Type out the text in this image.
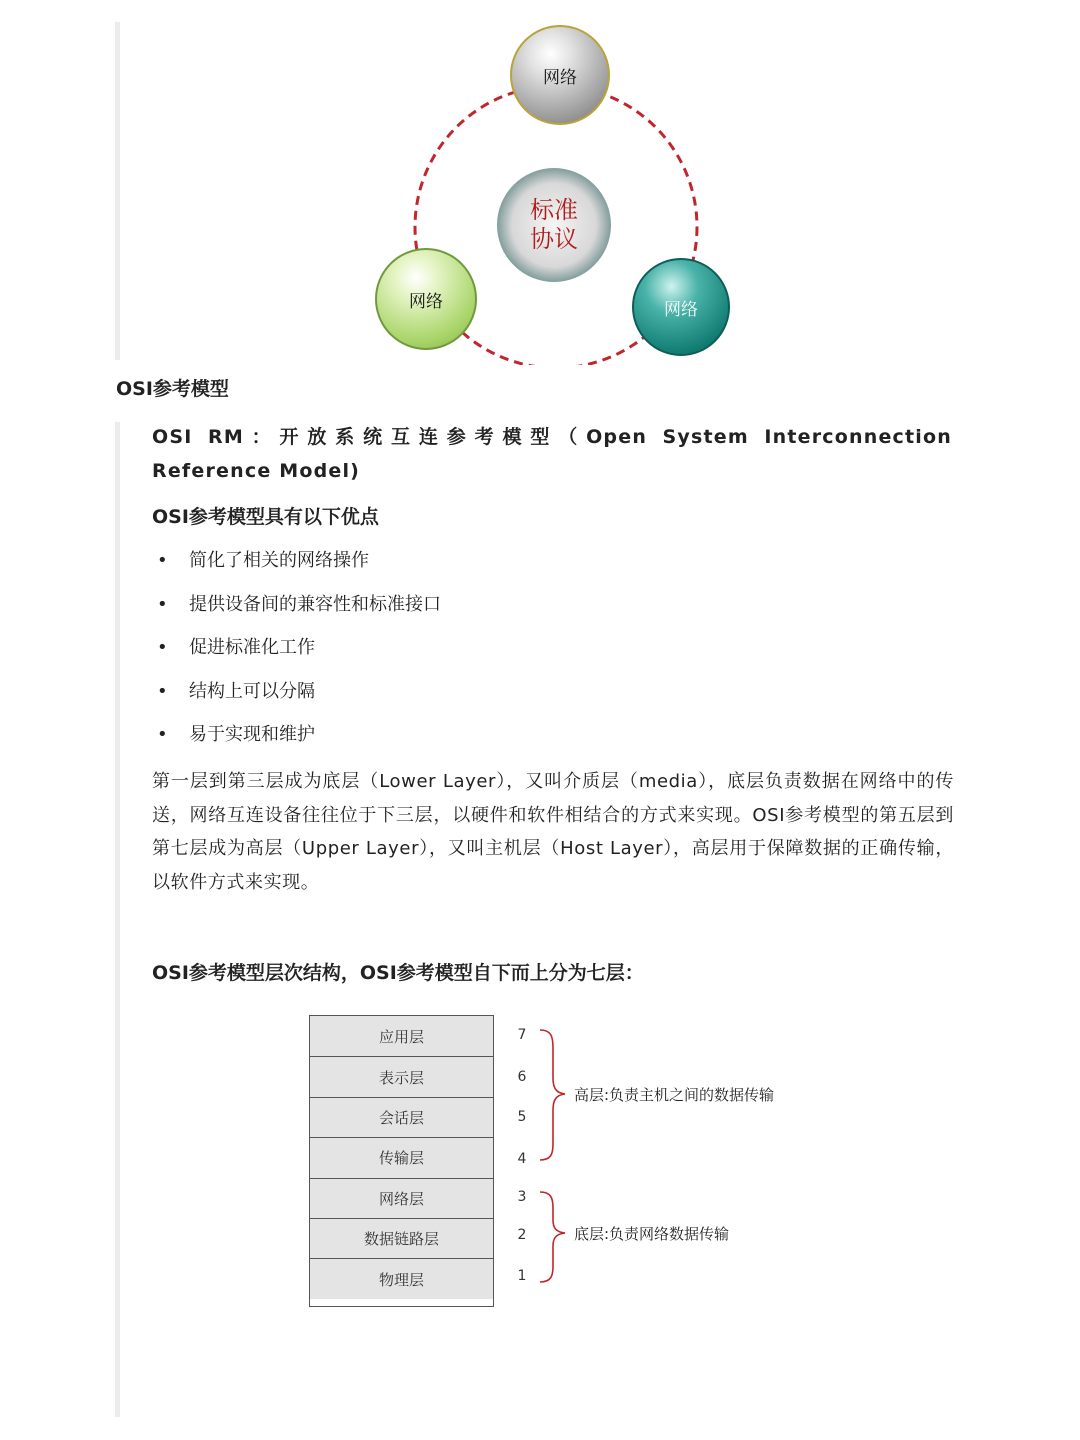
网络
网络	网络
标准
协议
OSI参考模型

OSI RM：开放系统互连参考模型（Open System Interconnection Reference Model)

OSI参考模型具有以下优点

• 简化了相关的网络操作
• 提供设备间的兼容性和标准接口
• 促进标准化工作
• 结构上可以分隔
• 易于实现和维护

第一层到第三层成为底层（Lower Layer），又叫介质层（media），底层负责数据在网络中的传送，网络互连设备往往位于下三层，以硬件和软件相结合的方式来实现。OSI参考模型的第五层到第七层成为高层（Upper Layer），又叫主机层（Host Layer），高层用于保障数据的正确传输，以软件方式来实现。

OSI参考模型层次结构，OSI参考模型自下而上分为七层：

应用层
表示层
会话层
传输层
网络层
数据链路层
物理层
7
6
5
4
3
2
1
高层:负责主机之间的数据传输
底层:负责网络数据传输
